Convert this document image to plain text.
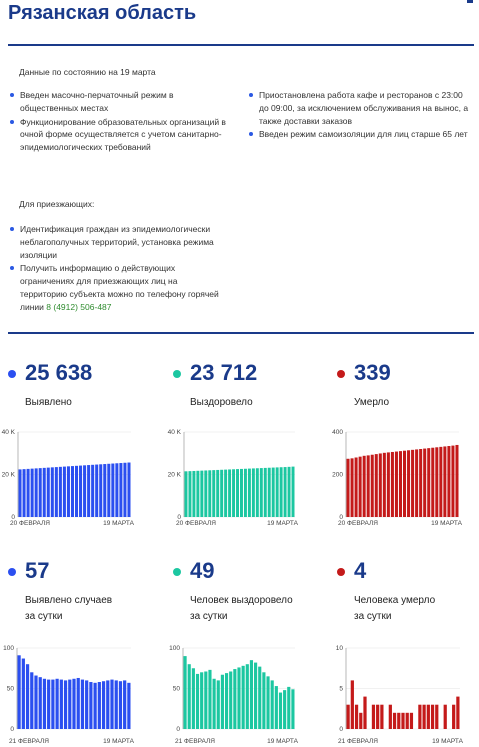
Рязанская область
Данные по состоянию на 19 марта
Введен масочно-перчаточный режим в общественных местах
Функционирование образовательных организаций в очной форме осуществляется с учетом санитарно-эпидемиологических требований
Приостановлена работа кафе и ресторанов с 23:00 до 09:00, за исключением обслуживания на вынос, а также доставки заказов
Введен режим самоизоляции для лиц старше 65 лет
Для приезжающих:
Идентификация граждан из эпидемиологически неблагополучных территорий, установка режима изоляции
Получить информацию о действующих ограничениях для приезжающих лиц на территорию субъекта можно по телефону горячей линии 8 (4912) 506-487
25 638
Выявлено
23 712
Выздоровело
339
Умерло
0
20 K
40 K
20 ФЕВРАЛЯ	19 МАРТА
0
20 K
40 K
20 ФЕВРАЛЯ	19 МАРТА
0
200
400
20 ФЕВРАЛЯ	19 МАРТА
57
Выявлено случаев
за сутки
49
Человек выздоровело
за сутки
4
Человека умерло
за сутки
0
50
100
21 ФЕВРАЛЯ	19 МАРТА
0
50
100
21 ФЕВРАЛЯ	19 МАРТА
0
5
10
21 ФЕВРАЛЯ	19 МАРТА
